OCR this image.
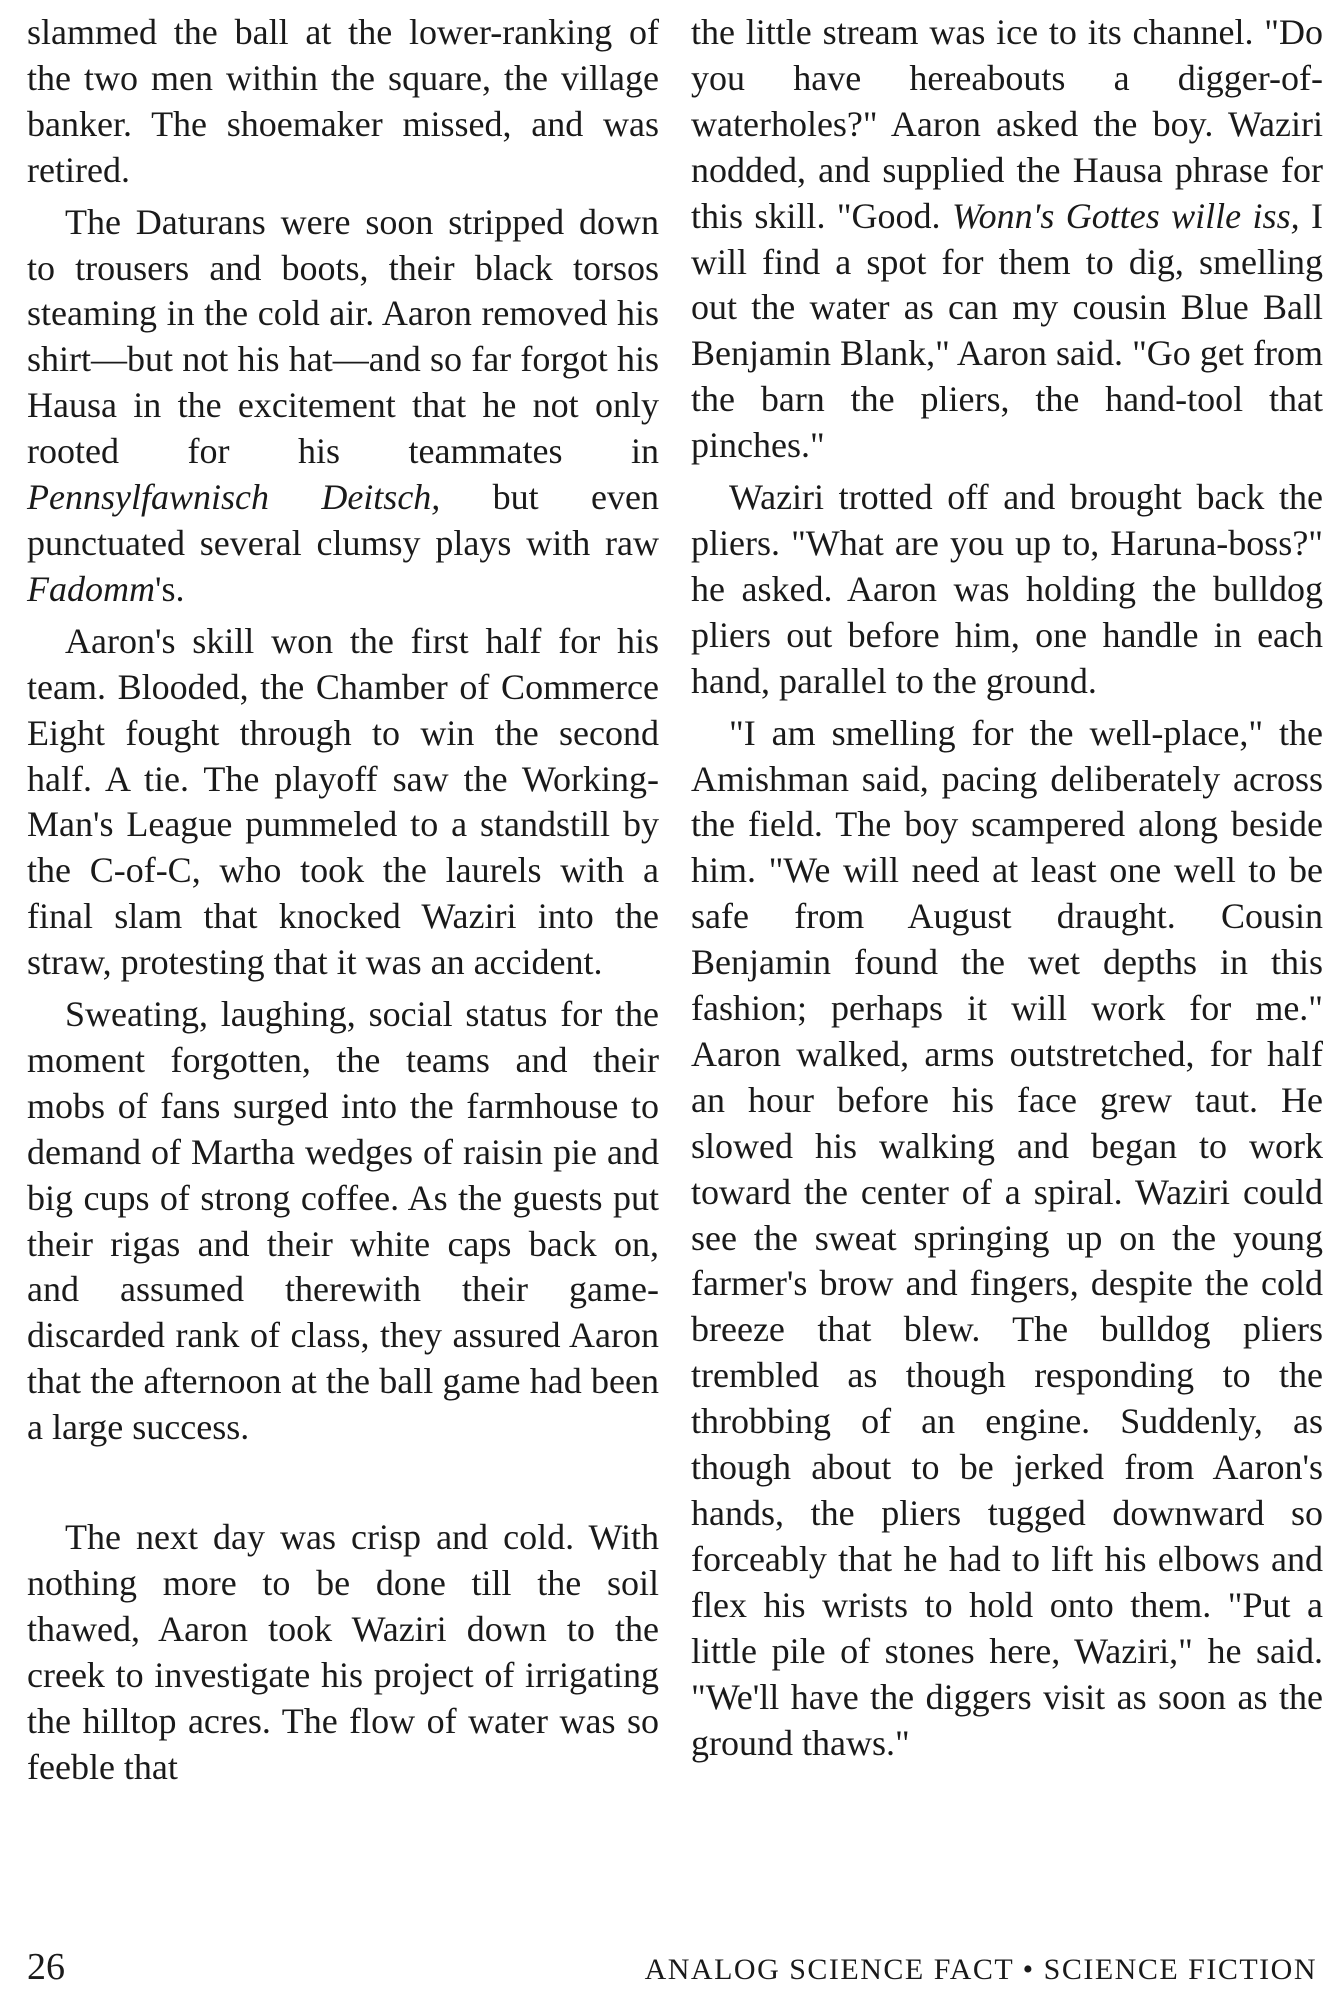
slammed the ball at the lower-ranking of the two men within the square, the village banker. The shoemaker missed, and was retired.

The Daturans were soon stripped down to trousers and boots, their black torsos steaming in the cold air. Aaron removed his shirt—but not his hat—and so far forgot his Hausa in the excitement that he not only rooted for his teammates in Pennsylfawnisch Deitsch, but even punctuated several clumsy plays with raw Fadomm's.

Aaron's skill won the first half for his team. Blooded, the Chamber of Commerce Eight fought through to win the second half. A tie. The playoff saw the Working-Man's League pummeled to a standstill by the C-of-C, who took the laurels with a final slam that knocked Waziri into the straw, protesting that it was an accident.

Sweating, laughing, social status for the moment forgotten, the teams and their mobs of fans surged into the farmhouse to demand of Martha wedges of raisin pie and big cups of strong coffee. As the guests put their rigas and their white caps back on, and assumed therewith their game-discarded rank of class, they assured Aaron that the afternoon at the ball game had been a large success.

The next day was crisp and cold. With nothing more to be done till the soil thawed, Aaron took Waziri down to the creek to investigate his project of irrigating the hilltop acres. The flow of water was so feeble that

the little stream was ice to its channel. "Do you have hereabouts a digger-of-waterholes?" Aaron asked the boy. Waziri nodded, and supplied the Hausa phrase for this skill. "Good. Wonn's Gottes wille iss, I will find a spot for them to dig, smelling out the water as can my cousin Blue Ball Benjamin Blank," Aaron said. "Go get from the barn the pliers, the hand-tool that pinches."

Waziri trotted off and brought back the pliers. "What are you up to, Haruna-boss?" he asked. Aaron was holding the bulldog pliers out before him, one handle in each hand, parallel to the ground.

"I am smelling for the well-place," the Amishman said, pacing deliberately across the field. The boy scampered along beside him. "We will need at least one well to be safe from August draught. Cousin Benjamin found the wet depths in this fashion; perhaps it will work for me." Aaron walked, arms outstretched, for half an hour before his face grew taut. He slowed his walking and began to work toward the center of a spiral. Waziri could see the sweat springing up on the young farmer's brow and fingers, despite the cold breeze that blew. The bulldog pliers trembled as though responding to the throbbing of an engine. Suddenly, as though about to be jerked from Aaron's hands, the pliers tugged downward so forceably that he had to lift his elbows and flex his wrists to hold onto them. "Put a little pile of stones here, Waziri," he said. "We'll have the diggers visit as soon as the ground thaws."

26	ANALOG SCIENCE FACT • SCIENCE FICTION
